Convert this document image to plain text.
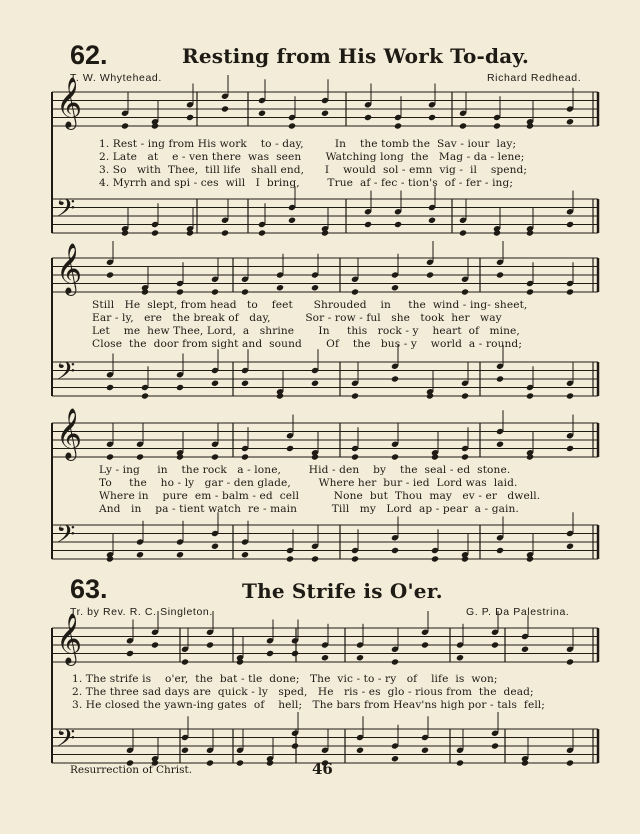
62.	Resting from His Work To-day.
T. W. Whytehead.	Richard Redhead.
𝄞
𝄢
𝄞
𝄢
𝄞
𝄢
𝄞
𝄢
1. Rest - ing from His work    to - day,         In    the tomb the  Sav - iour  lay;
2. Late   at    e - ven there  was  seen       Watching long  the   Mag - da - lene;
3. So   with  Thee,  till life   shall end,      I    would  sol - emn  vig -  il    spend;
4. Myrrh and spi - ces  will   I  bring,        True  af - fec - tion's  of - fer - ing;
Still   He  slept, from head   to    feet      Shrouded    in     the  wind - ing- sheet,
Ear - ly,   ere   the break of   day,          Sor - row - ful   she   took  her   way
Let    me  hew Thee, Lord,  a   shrine       In     this   rock - y    heart  of   mine,
Close  the  door from sight and  sound       Of    the   bus - y    world  a - round;
Ly - ing     in    the rock   a - lone,        Hid - den    by    the  seal - ed  stone.
To     the    ho - ly   gar - den glade,        Where her  bur - ied  Lord was  laid.
Where in    pure  em - balm - ed  cell          None  but  Thou  may   ev - er   dwell.
And   in    pa - tient watch  re - main          Till   my   Lord  ap - pear  a - gain.
63.	The Strife is O'er.
Tr. by Rev. R. C. Singleton.	G. P. Da Palestrina.
1. The strife is    o'er,  the  bat - tle  done;   The  vic - to - ry   of    life  is  won;
2. The three sad days are  quick - ly   sped,   He   ris - es  glo - rious from  the  dead;
3. He closed the yawn-ing gates  of    hell;   The bars from Heav'ns high por - tals  fell;
Resurrection of Christ.	46
